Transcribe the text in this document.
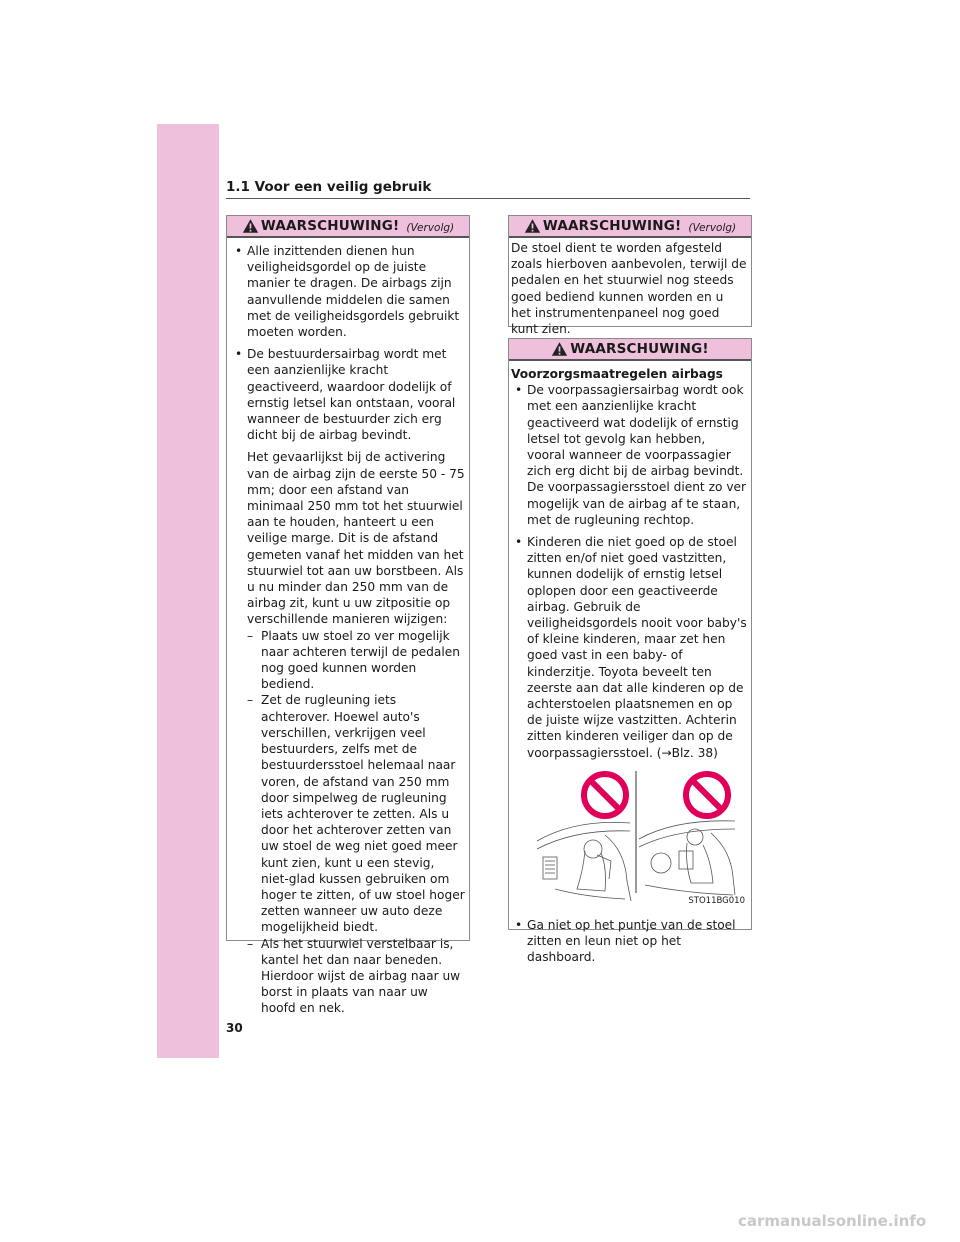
1.1 Voor een veilig gebruik
WAARSCHUWING! (Vervolg)
• Alle inzittenden dienen hun veiligheidsgordel op de juiste manier te dragen. De airbags zijn aanvullende middelen die samen met de veiligheidsgordels gebruikt moeten worden.
• De bestuurdersairbag wordt met een aanzienlijke kracht geactiveerd, waardoor dodelijk of ernstig letsel kan ontstaan, vooral wanneer de bestuurder zich erg dicht bij de airbag bevindt.
Het gevaarlijkst bij de activering van de airbag zijn de eerste 50 - 75 mm; door een afstand van minimaal 250 mm tot het stuurwiel aan te houden, hanteert u een veilige marge. Dit is de afstand gemeten vanaf het midden van het stuurwiel tot aan uw borstbeen. Als u nu minder dan 250 mm van de airbag zit, kunt u uw zitpositie op verschillende manieren wijzigen:
– Plaats uw stoel zo ver mogelijk naar achteren terwijl de pedalen nog goed kunnen worden bediend.
– Zet de rugleuning iets achterover. Hoewel auto's verschillen, verkrijgen veel bestuurders, zelfs met de bestuurdersstoel helemaal naar voren, de afstand van 250 mm door simpelweg de rugleuning iets achterover te zetten. Als u door het achterover zetten van uw stoel de weg niet goed meer kunt zien, kunt u een stevig, niet-glad kussen gebruiken om hoger te zitten, of uw stoel hoger zetten wanneer uw auto deze mogelijkheid biedt.
– Als het stuurwiel verstelbaar is, kantel het dan naar beneden. Hierdoor wijst de airbag naar uw borst in plaats van naar uw hoofd en nek.
WAARSCHUWING! (Vervolg)
De stoel dient te worden afgesteld zoals hierboven aanbevolen, terwijl de pedalen en het stuurwiel nog steeds goed bediend kunnen worden en u het instrumentenpaneel nog goed kunt zien.
WAARSCHUWING!
Voorzorgsmaatregelen airbags
• De voorpassagiersairbag wordt ook met een aanzienlijke kracht geactiveerd wat dodelijk of ernstig letsel tot gevolg kan hebben, vooral wanneer de voorpassagier zich erg dicht bij de airbag bevindt. De voorpassagiersstoel dient zo ver mogelijk van de airbag af te staan, met de rugleuning rechtop.
• Kinderen die niet goed op de stoel zitten en/of niet goed vastzitten, kunnen dodelijk of ernstig letsel oplopen door een geactiveerde airbag. Gebruik de veiligheidsgordels nooit voor baby's of kleine kinderen, maar zet hen goed vast in een baby- of kinderzitje. Toyota beveelt ten zeerste aan dat alle kinderen op de achterstoelen plaatsnemen en op de juiste wijze vastzitten. Achterin zitten kinderen veiliger dan op de voorpassagiersstoel. (→Blz. 38)
STO11BG010
• Ga niet op het puntje van de stoel zitten en leun niet op het dashboard.
30
carmanualsonline.info
